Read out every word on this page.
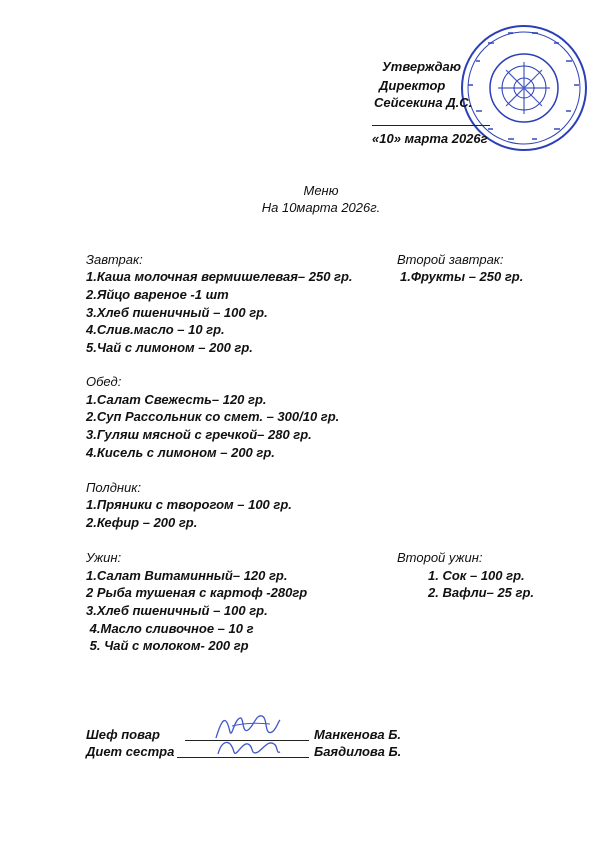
Утверждаю
Директор
Сейсекина Д.С.
«10» марта 2026г
Меню
На 10марта 2026г.
Завтрак:
1.Каша молочная вермишелевая– 250 гр.
2.Яйцо вареное -1 шт
3.Хлеб пшеничный – 100 гр.
4.Слив.масло – 10 гр.
5.Чай с лимоном – 200 гр.
Второй завтрак:
1.Фрукты – 250 гр.
Обед:
1.Салат Свежесть– 120 гр.
2.Суп Рассольник со смет. – 300/10 гр.
3.Гуляш мясной с гречкой– 280 гр.
4.Кисель с лимоном – 200 гр.
Полдник:
1.Пряники с творогом – 100 гр.
2.Кефир – 200 гр.
Ужин:
1.Салат Витаминный– 120 гр.
2 Рыба тушеная с картоф -280гр
3.Хлеб пшеничный – 100 гр.
4.Масло сливочное – 10 г
5. Чай с молоком- 200 гр
Второй ужин:
1. Сок – 100 гр.
2. Вафли– 25 гр.
Шеф повар	Манкенова Б.
Диет сестра	Баядилова Б.
